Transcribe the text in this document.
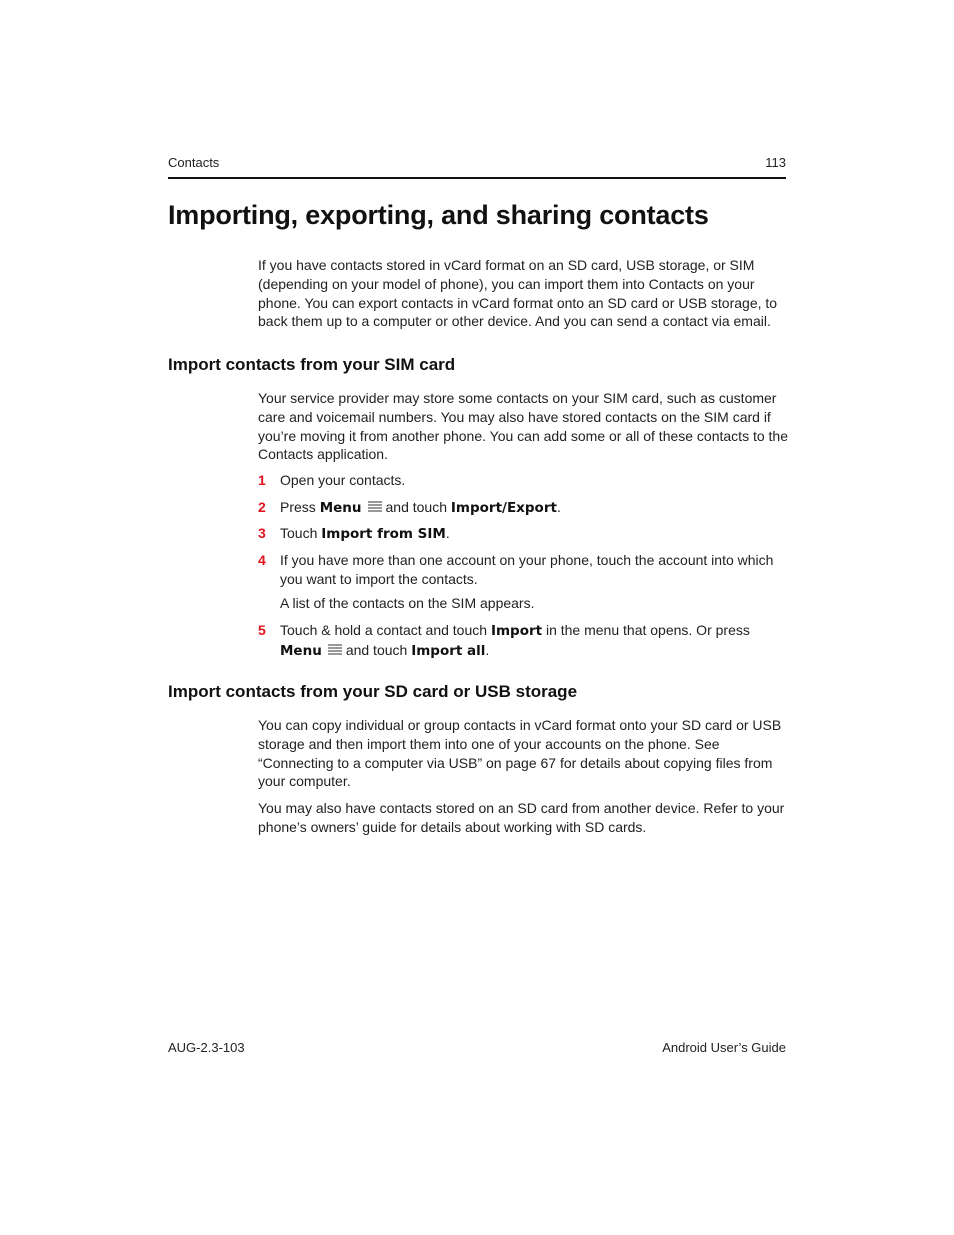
Contacts	113
Importing, exporting, and sharing contacts

If you have contacts stored in vCard format on an SD card, USB storage, or SIM (depending on your model of phone), you can import them into Contacts on your phone. You can export contacts in vCard format onto an SD card or USB storage, to back them up to a computer or other device. And you can send a contact via email.

Import contacts from your SIM card

Your service provider may store some contacts on your SIM card, such as customer care and voicemail numbers. You may also have stored contacts on the SIM card if you’re moving it from another phone. You can add some or all of these contacts to the Contacts application.

1 Open your contacts.
2 Press Menu and touch Import/Export.
3 Touch Import from SIM.
4 If you have more than one account on your phone, touch the account into which you want to import the contacts.
A list of the contacts on the SIM appears.
5 Touch & hold a contact and touch Import in the menu that opens. Or press
Menu and touch Import all.
Import contacts from your SD card or USB storage

You can copy individual or group contacts in vCard format onto your SD card or USB storage and then import them into one of your accounts on the phone. See “Connecting to a computer via USB” on page 67 for details about copying files from your computer.

You may also have contacts stored on an SD card from another device. Refer to your phone’s owners’ guide for details about working with SD cards.

AUG-2.3-103	Android User’s Guide
